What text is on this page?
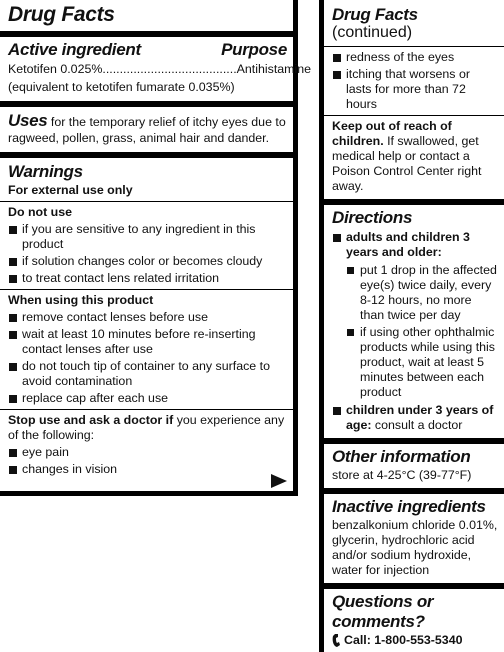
Drug Facts
Active ingredient	Purpose
Ketotifen 0.025%....................................... Antihistamine
(equivalent to ketotifen fumarate 0.035%)
Uses for the temporary relief of itchy eyes due to ragweed, pollen, grass, animal hair and dander.
Warnings
For external use only
Do not use
if you are sensitive to any ingredient in this product
if solution changes color or becomes cloudy
to treat contact lens related irritation
When using this product
remove contact lenses before use
wait at least 10 minutes before re-inserting contact lenses after use
do not touch tip of container to any surface to avoid contamination
replace cap after each use
Stop use and ask a doctor if you experience any of the following:
eye pain
changes in vision
Drug Facts (continued)
redness of the eyes
itching that worsens or lasts for more than 72 hours
Keep out of reach of children. If swallowed, get medical help or contact a Poison Control Center right away.
Directions
adults and children 3 years and older:
put 1 drop in the affected eye(s) twice daily, every 8-12 hours, no more than twice per day
if using other ophthalmic products while using this product, wait at least 5 minutes between each product
children under 3 years of age: consult a doctor
Other information
store at 4-25°C (39-77°F)
Inactive ingredients
benzalkonium chloride 0.01%, glycerin, hydrochloric acid and/or sodium hydroxide, water for injection
Questions or comments?
Call: 1-800-553-5340
